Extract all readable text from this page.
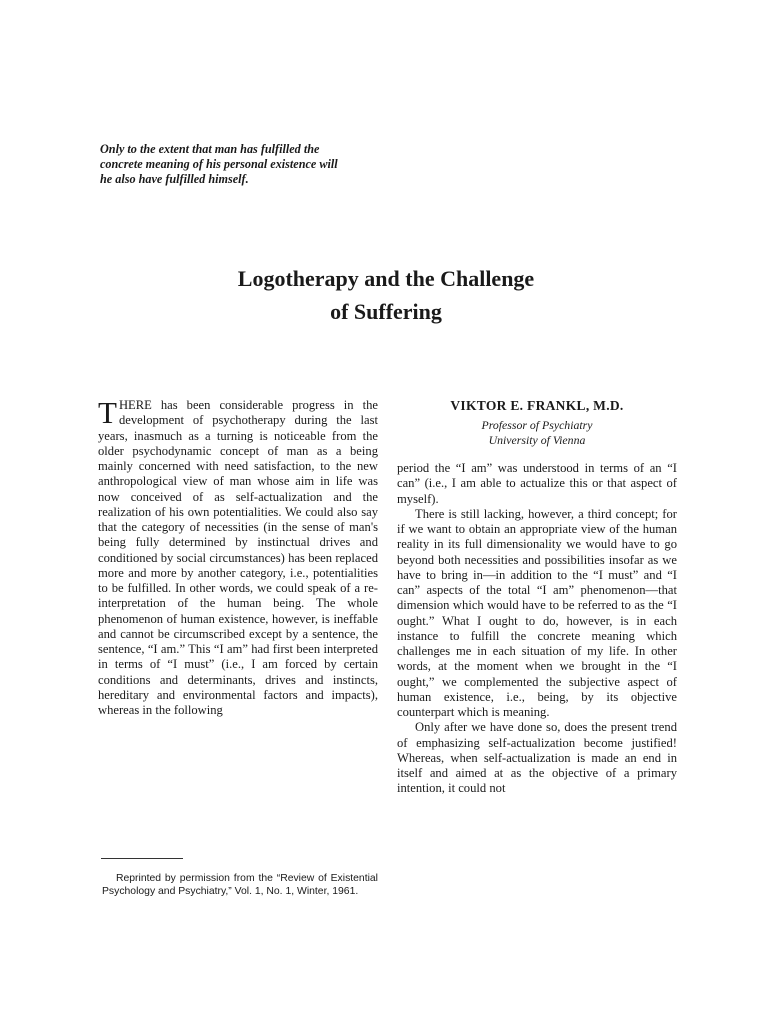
Only to the extent that man has fulfilled the
concrete meaning of his personal existence will
he also have fulfilled himself.
Logotherapy and the Challenge
of Suffering

THERE has been considerable progress in the development of psychotherapy during the last years, inasmuch as a turning is noticeable from the older psychodynamic concept of man as a being mainly concerned with need satisfaction, to the new anthropological view of man whose aim in life was now conceived of as self-actualization and the realization of his own potentialities. We could also say that the category of necessities (in the sense of man's being fully determined by instinctual drives and conditioned by social circumstances) has been replaced more and more by another category, i.e., potentialities to be fulfilled. In other words, we could speak of a re-interpretation of the human being. The whole phenomenon of human existence, however, is ineffable and cannot be circumscribed except by a sentence, the sentence, “I am.” This “I am” had first been interpreted in terms of “I must” (i.e., I am forced by certain conditions and determinants, drives and instincts, hereditary and environmental factors and impacts), whereas in the following

VIKTOR E. FRANKL, M.D.
Professor of Psychiatry
University of Vienna

period the “I am” was understood in terms of an “I can” (i.e., I am able to actualize this or that aspect of myself).

There is still lacking, however, a third concept; for if we want to obtain an appropriate view of the human reality in its full dimensionality we would have to go beyond both necessities and possibilities insofar as we have to bring in—in addition to the “I must” and “I can” aspects of the total “I am” phenomenon—that dimension which would have to be referred to as the “I ought.” What I ought to do, however, is in each instance to fulfill the concrete meaning which challenges me in each situation of my life. In other words, at the moment when we brought in the “I ought,” we complemented the subjective aspect of human existence, i.e., being, by its objective counterpart which is meaning.

Only after we have done so, does the present trend of emphasizing self-actualization become justified! Whereas, when self-actualization is made an end in itself and aimed at as the objective of a primary intention, it could not

Reprinted by permission from the “Review of Existential Psychology and Psychiatry,” Vol. 1, No. 1, Winter, 1961.
